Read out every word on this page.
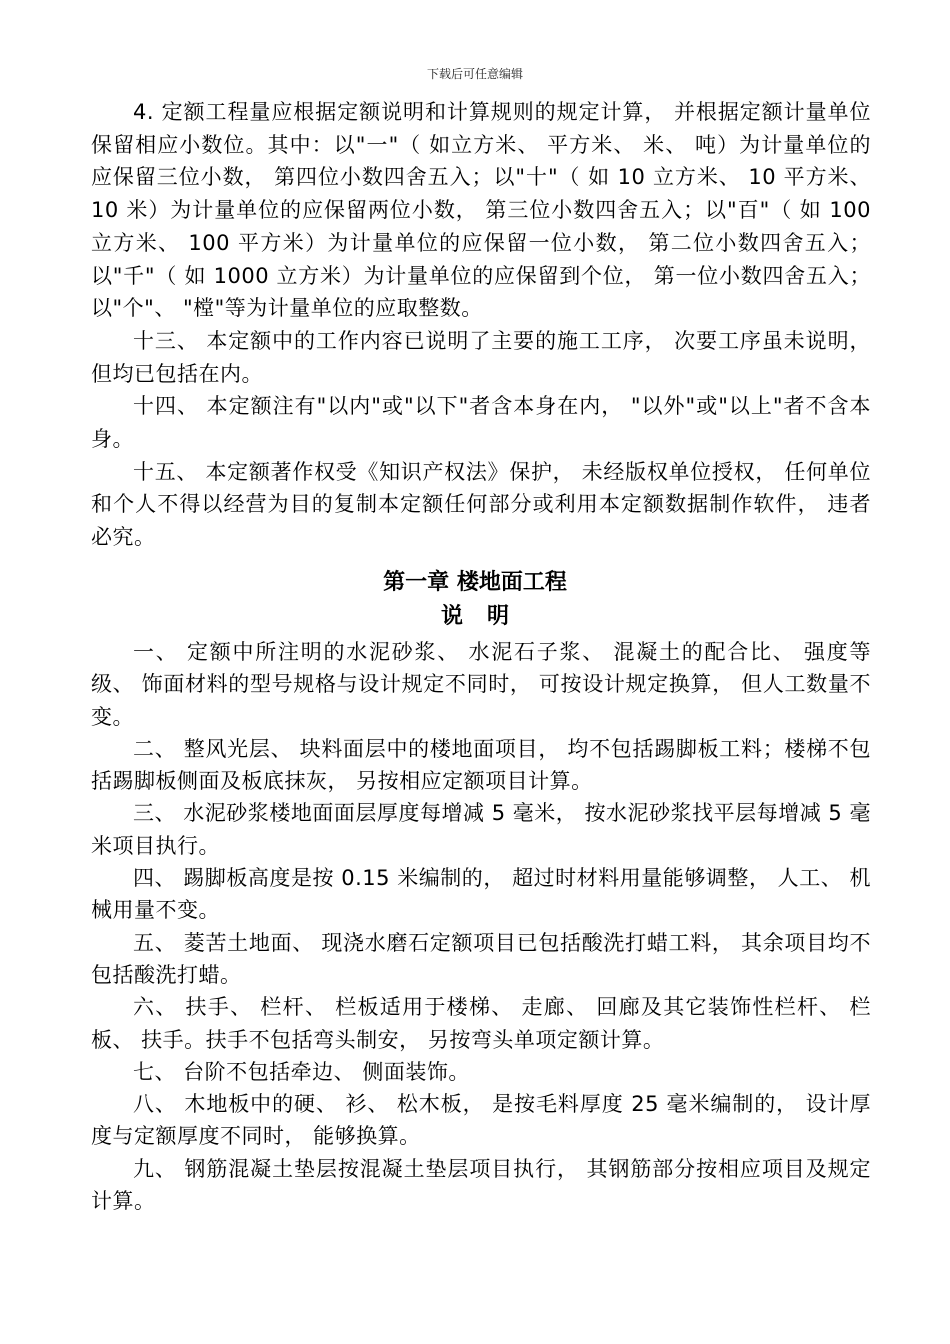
下载后可任意编辑

4. 定额工程量应根据定额说明和计算规则的规定计算， 并根据定额计量单位保留相应小数位。其中：以"一"（ 如立方米、 平方米、 米、 吨）为计量单位的应保留三位小数， 第四位小数四舍五入；以"十"（ 如 10 立方米、 10 平方米、 10 米）为计量单位的应保留两位小数， 第三位小数四舍五入；以"百"（ 如 100 立方米、 100 平方米）为计量单位的应保留一位小数， 第二位小数四舍五入；以"千"（ 如 1000 立方米）为计量单位的应保留到个位， 第一位小数四舍五入；以"个"、 "樘"等为计量单位的应取整数。

十三、 本定额中的工作内容已说明了主要的施工工序， 次要工序虽未说明， 但均已包括在内。

十四、 本定额注有"以内"或"以下"者含本身在内， "以外"或"以上"者不含本身。

十五、 本定额著作权受《知识产权法》保护， 未经版权单位授权， 任何单位和个人不得以经营为目的复制本定额任何部分或利用本定额数据制作软件， 违者必究。

第一章 楼地面工程
说明

一、 定额中所注明的水泥砂浆、 水泥石子浆、 混凝土的配合比、 强度等级、 饰面材料的型号规格与设计规定不同时， 可按设计规定换算， 但人工数量不变。

二、 整风光层、 块料面层中的楼地面项目， 均不包括踢脚板工料；楼梯不包括踢脚板侧面及板底抹灰， 另按相应定额项目计算。

三、 水泥砂浆楼地面面层厚度每增减 5 毫米， 按水泥砂浆找平层每增减 5 毫米项目执行。

四、 踢脚板高度是按 0.15 米编制的， 超过时材料用量能够调整， 人工、 机械用量不变。

五、 菱苦土地面、 现浇水磨石定额项目已包括酸洗打蜡工料， 其余项目均不包括酸洗打蜡。

六、 扶手、 栏杆、 栏板适用于楼梯、 走廊、 回廊及其它装饰性栏杆、 栏板、 扶手。扶手不包括弯头制安， 另按弯头单项定额计算。

七、 台阶不包括牵边、 侧面装饰。

八、 木地板中的硬、 衫、 松木板， 是按毛料厚度 25 毫米编制的， 设计厚度与定额厚度不同时， 能够换算。

九、 钢筋混凝土垫层按混凝土垫层项目执行， 其钢筋部分按相应项目及规定计算。
